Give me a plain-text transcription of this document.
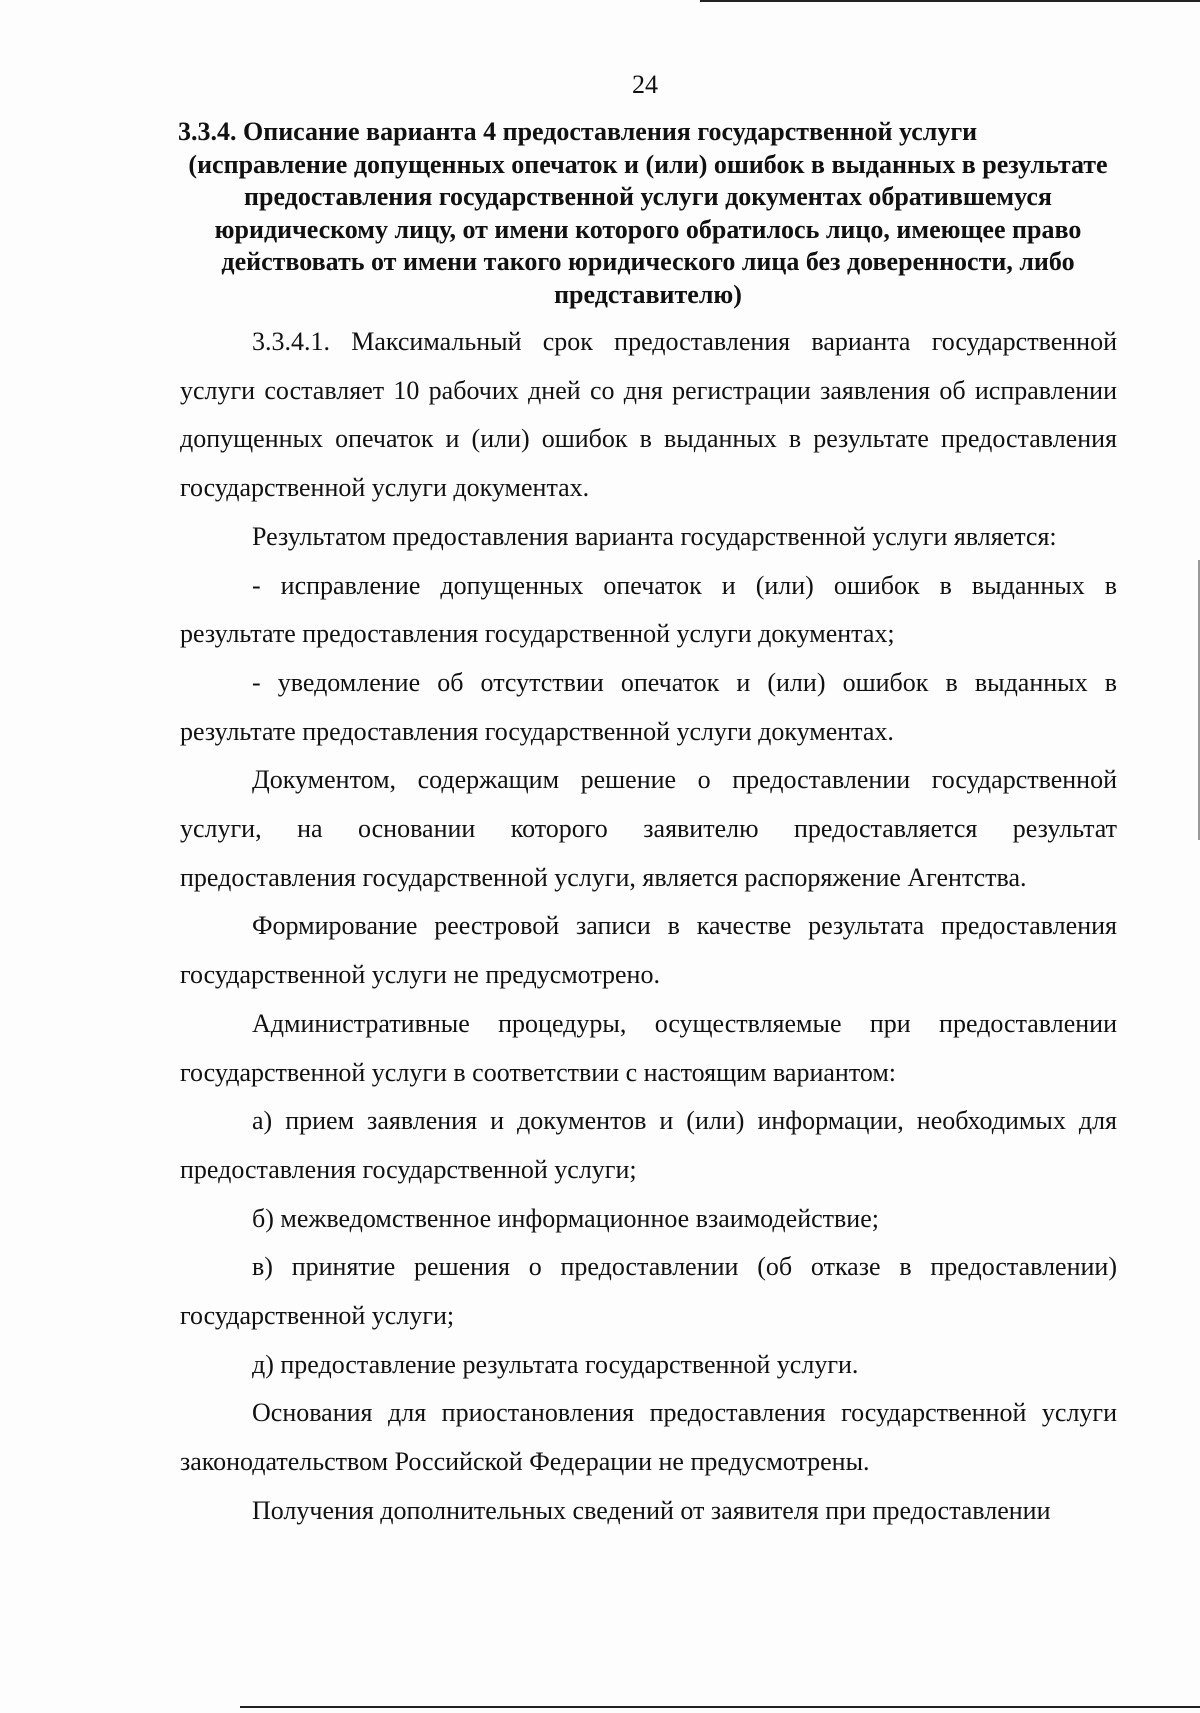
24
3.3.4. Описание варианта 4 предоставления государственной услуги
(исправление допущенных опечаток и (или) ошибок в выданных в результате предоставления государственной услуги документах обратившемуся юридическому лицу, от имени которого обратилось лицо, имеющее право действовать от имени такого юридического лица без доверенности, либо представителю)

3.3.4.1. Максимальный срок предоставления варианта государственной услуги составляет 10 рабочих дней со дня регистрации заявления об исправлении допущенных опечаток и (или) ошибок в выданных в результате предоставления государственной услуги документах.

Результатом предоставления варианта государственной услуги является:

- исправление допущенных опечаток и (или) ошибок в выданных в результате предоставления государственной услуги документах;

- уведомление об отсутствии опечаток и (или) ошибок в выданных в результате предоставления государственной услуги документах.

Документом, содержащим решение о предоставлении государственной услуги, на основании которого заявителю предоставляется результат предоставления государственной услуги, является распоряжение Агентства.

Формирование реестровой записи в качестве результата предоставления государственной услуги не предусмотрено.

Административные процедуры, осуществляемые при предоставлении государственной услуги в соответствии с настоящим вариантом:

а) прием заявления и документов и (или) информации, необходимых для предоставления государственной услуги;

б) межведомственное информационное взаимодействие;

в) принятие решения о предоставлении (об отказе в предоставлении) государственной услуги;

д) предоставление результата государственной услуги.

Основания для приостановления предоставления государственной услуги законодательством Российской Федерации не предусмотрены.

Получения дополнительных сведений от заявителя при предоставлении
